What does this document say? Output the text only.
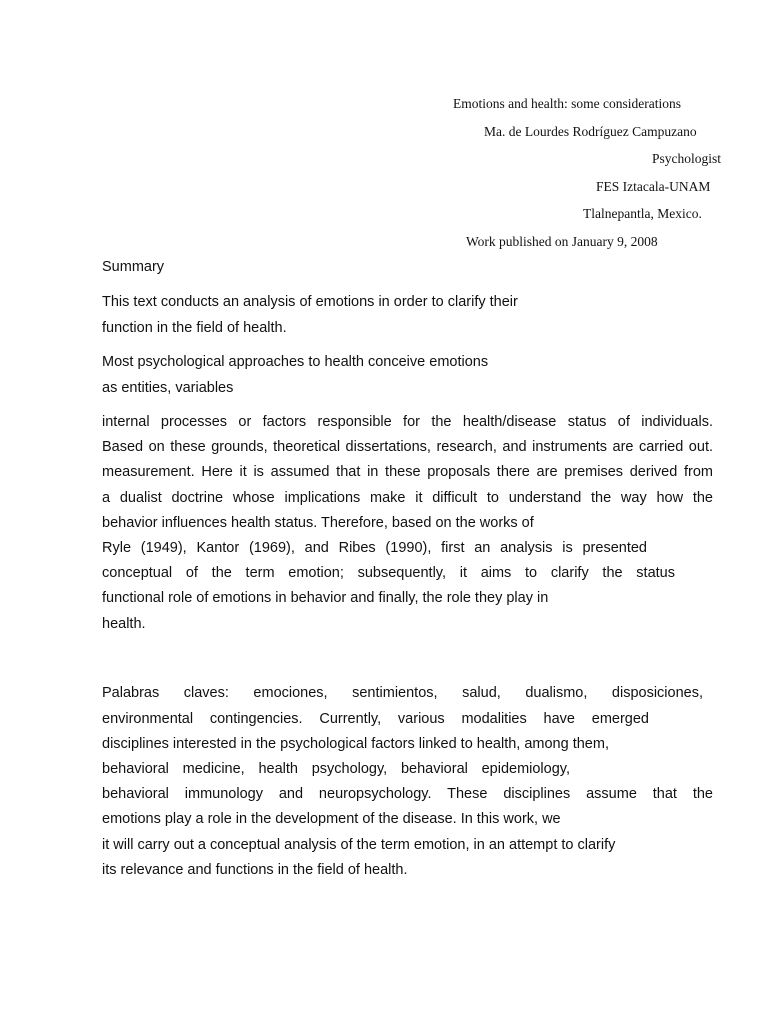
Emotions and health: some considerations
Ma. de Lourdes Rodríguez Campuzano
Psychologist
FES Iztacala-UNAM
Tlalnepantla, Mexico.
Work published on January 9, 2008
Summary
This text conducts an analysis of emotions in order to clarify their
function in the field of health.
Most psychological approaches to health conceive emotions
as entities, variables
internal processes or factors responsible for the health/disease status of individuals.
Based on these grounds, theoretical dissertations, research, and instruments are carried out.
measurement. Here it is assumed that in these proposals there are premises derived from
a dualist doctrine whose implications make it difficult to understand the way how the
behavior influences health status. Therefore, based on the works of
Ryle (1949), Kantor (1969), and Ribes (1990), first an analysis is presented
conceptual of the term emotion; subsequently, it aims to clarify the status
functional role of emotions in behavior and finally, the role they play in
health.
Palabras claves: emociones, sentimientos, salud, dualismo, disposiciones,
environmental contingencies. Currently, various modalities have emerged
disciplines interested in the psychological factors linked to health, among them,
behavioral medicine, health psychology, behavioral epidemiology,
behavioral immunology and neuropsychology. These disciplines assume that the
emotions play a role in the development of the disease. In this work, we
it will carry out a conceptual analysis of the term emotion, in an attempt to clarify
its relevance and functions in the field of health.
